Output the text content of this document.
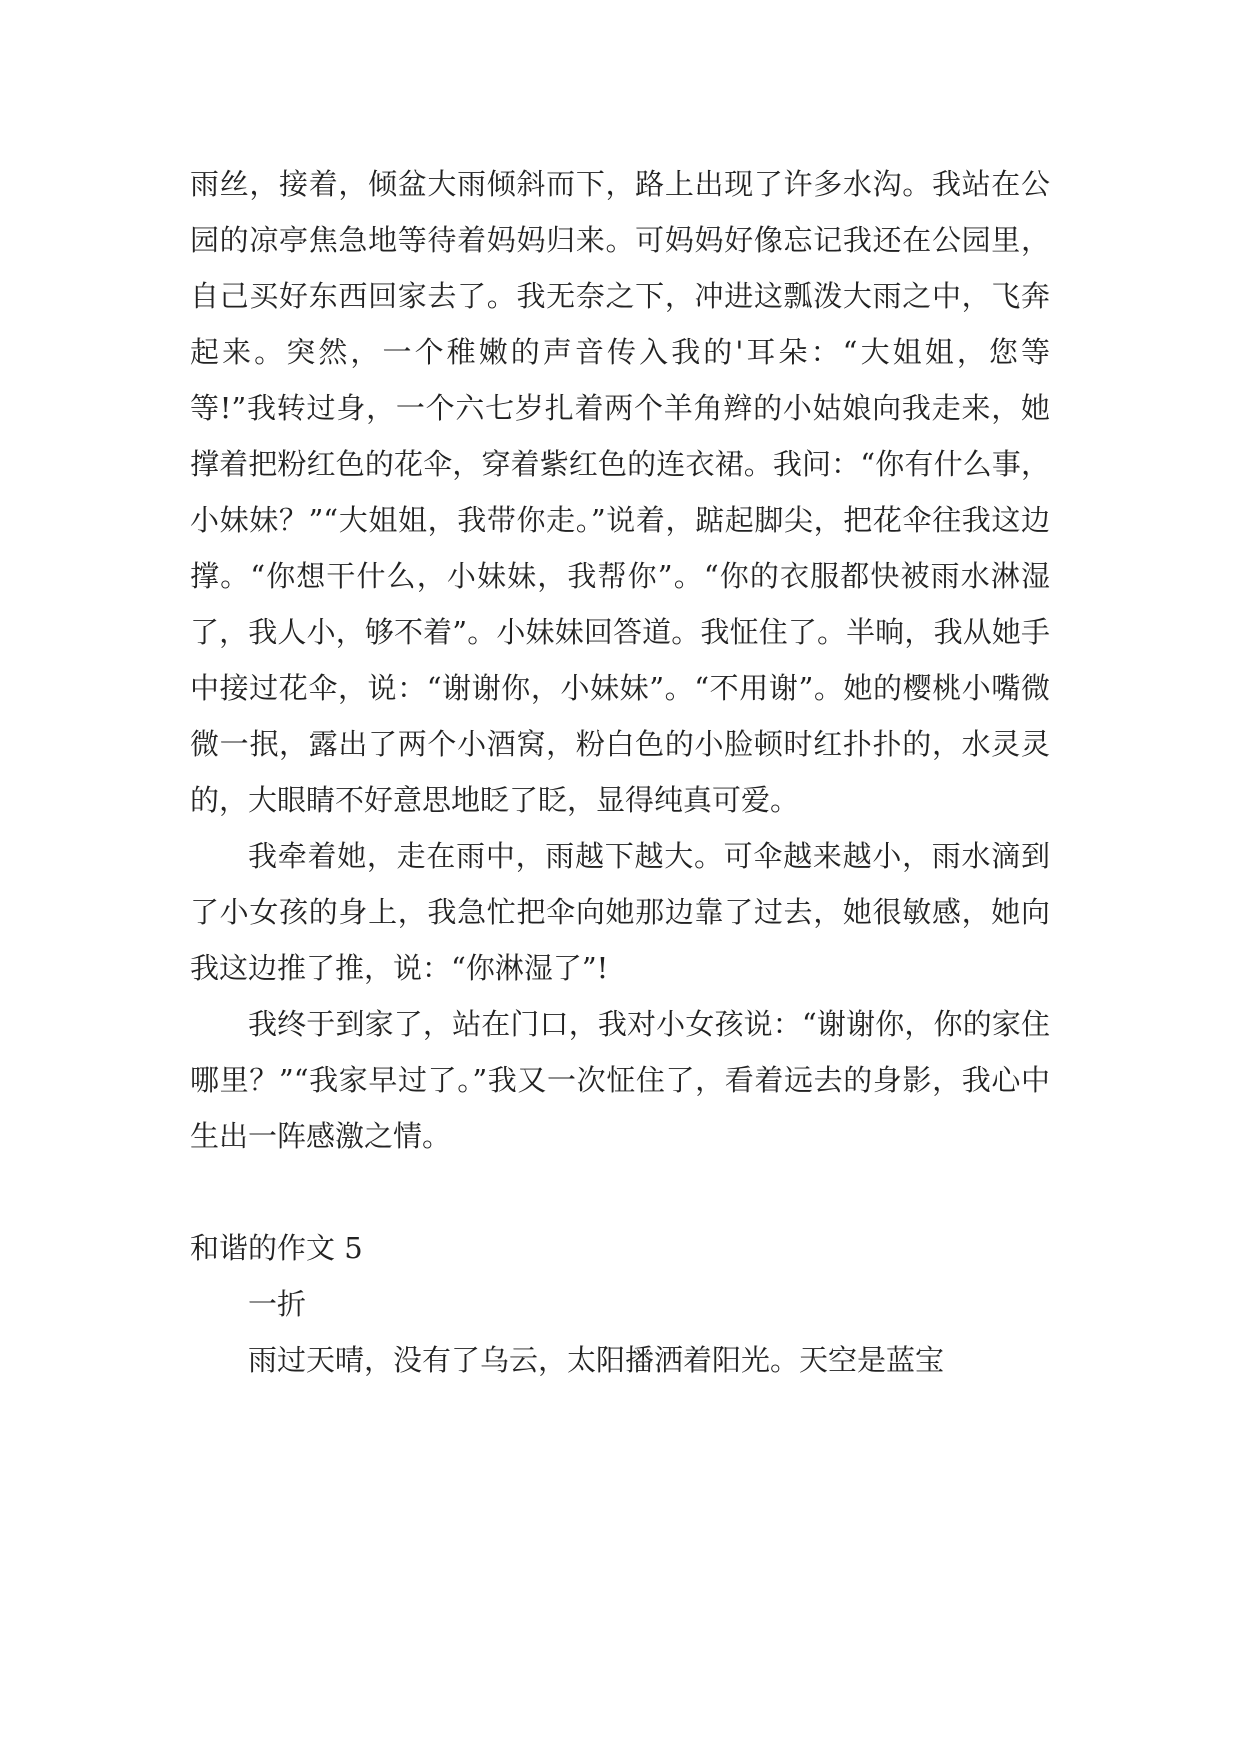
雨丝，接着，倾盆大雨倾斜而下，路上出现了许多水沟。我站在公园的凉亭焦急地等待着妈妈归来。可妈妈好像忘记我还在公园里，自己买好东西回家去了。我无奈之下，冲进这瓢泼大雨之中，飞奔起来。突然，一个稚嫩的声音传入我的'耳朵：“大姐姐，您等等!”我转过身，一个六七岁扎着两个羊角辫的小姑娘向我走来，她撑着把粉红色的花伞，穿着紫红色的连衣裙。我问：“你有什么事，小妹妹？”“大姐姐，我带你走。”说着，踮起脚尖，把花伞往我这边撑。“你想干什么，小妹妹，我帮你”。“你的衣服都快被雨水淋湿了，我人小，够不着”。小妹妹回答道。我怔住了。半晌，我从她手中接过花伞，说：“谢谢你，小妹妹”。“不用谢”。她的樱桃小嘴微微一抿，露出了两个小酒窝，粉白色的小脸顿时红扑扑的，水灵灵的，大眼睛不好意思地眨了眨，显得纯真可爱。

我牵着她，走在雨中，雨越下越大。可伞越来越小，雨水滴到了小女孩的身上，我急忙把伞向她那边靠了过去，她很敏感，她向我这边推了推，说：“你淋湿了”!

我终于到家了，站在门口，我对小女孩说：“谢谢你，你的家住哪里？”“我家早过了。”我又一次怔住了，看着远去的身影，我心中生出一阵感激之情。

和谐的作文 5

一折

雨过天晴，没有了乌云，太阳播洒着阳光。天空是蓝宝
